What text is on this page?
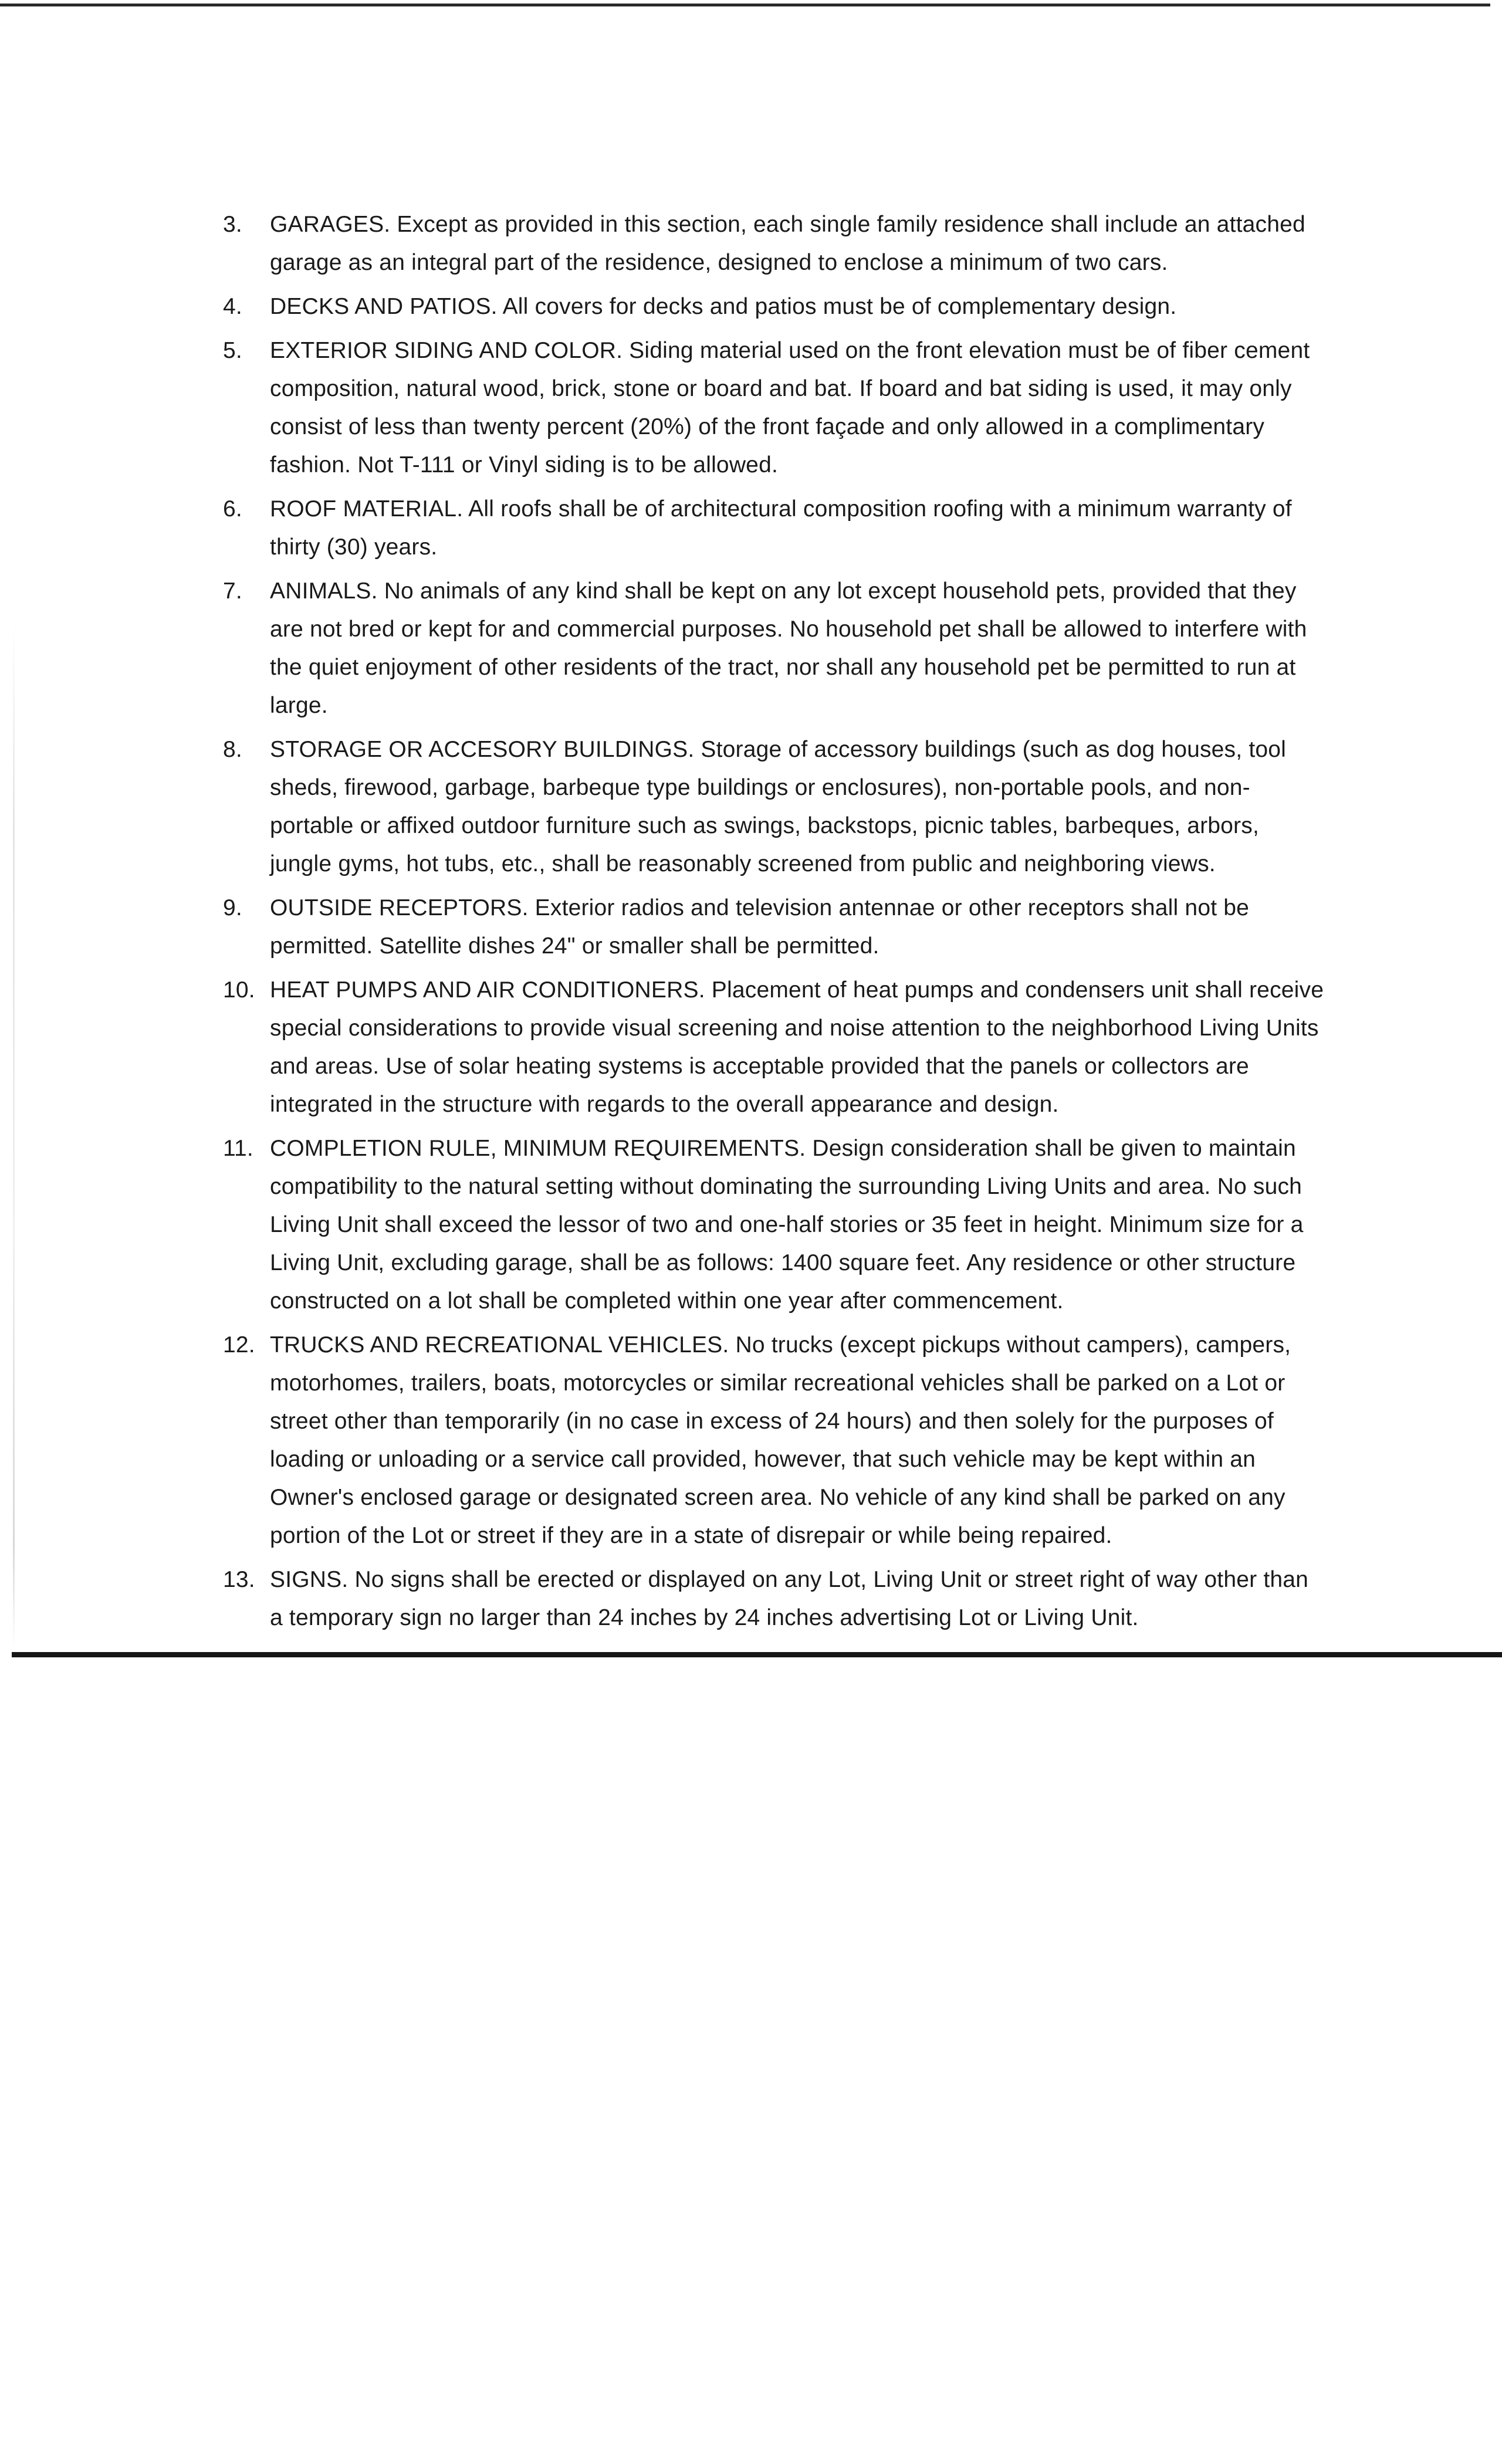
3.	GARAGES. Except as provided in this section, each single family residence shall include an attached garage as an integral part of the residence, designed to enclose a minimum of two cars.
4.	DECKS AND PATIOS. All covers for decks and patios must be of complementary design.
5.	EXTERIOR SIDING AND COLOR. Siding material used on the front elevation must be of fiber cement composition, natural wood, brick, stone or board and bat. If board and bat siding is used, it may only consist of less than twenty percent (20%) of the front façade and only allowed in a complimentary fashion. Not T-111 or Vinyl siding is to be allowed.
6.	ROOF MATERIAL. All roofs shall be of architectural composition roofing with a minimum warranty of thirty (30) years.
7.	ANIMALS. No animals of any kind shall be kept on any lot except household pets, provided that they are not bred or kept for and commercial purposes. No household pet shall be allowed to interfere with the quiet enjoyment of other residents of the tract, nor shall any household pet be permitted to run at large.
8.	STORAGE OR ACCESORY BUILDINGS. Storage of accessory buildings (such as dog houses, tool sheds, firewood, garbage, barbeque type buildings or enclosures), non-portable pools, and non-portable or affixed outdoor furniture such as swings, backstops, picnic tables, barbeques, arbors, jungle gyms, hot tubs, etc., shall be reasonably screened from public and neighboring views.
9.	OUTSIDE RECEPTORS. Exterior radios and television antennae or other receptors shall not be permitted. Satellite dishes 24" or smaller shall be permitted.
10. HEAT PUMPS AND AIR CONDITIONERS. Placement of heat pumps and condensers unit shall receive special considerations to provide visual screening and noise attention to the neighborhood Living Units and areas. Use of solar heating systems is acceptable provided that the panels or collectors are integrated in the structure with regards to the overall appearance and design.
11. COMPLETION RULE, MINIMUM REQUIREMENTS. Design consideration shall be given to maintain compatibility to the natural setting without dominating the surrounding Living Units and area. No such Living Unit shall exceed the lessor of two and one-half stories or 35 feet in height. Minimum size for a Living Unit, excluding garage, shall be as follows: 1400 square feet. Any residence or other structure constructed on a lot shall be completed within one year after commencement.
12. TRUCKS AND RECREATIONAL VEHICLES. No trucks (except pickups without campers), campers, motorhomes, trailers, boats, motorcycles or similar recreational vehicles shall be parked on a Lot or street other than temporarily (in no case in excess of 24 hours) and then solely for the purposes of loading or unloading or a service call provided, however, that such vehicle may be kept within an Owner's enclosed garage or designated screen area. No vehicle of any kind shall be parked on any portion of the Lot or street if they are in a state of disrepair or while being repaired.
13. SIGNS. No signs shall be erected or displayed on any Lot, Living Unit or street right of way other than a temporary sign no larger than 24 inches by 24 inches advertising Lot or Living Unit.
